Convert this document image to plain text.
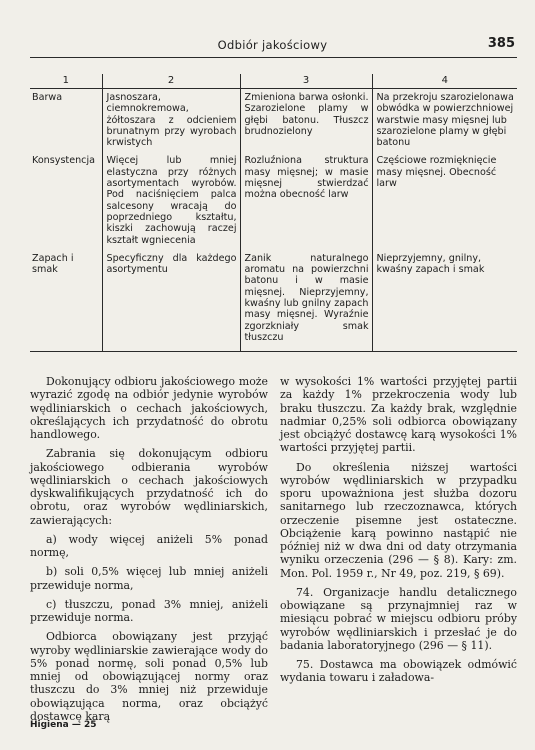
Odbiór jakościowy	385
1	2	3	4
Barwa	Jasnoszara, ciemnokremowa, żółtoszara z odcieniem brunatnym przy wyrobach krwistych	Zmieniona barwa osłonki. Szarozielone plamy w głębi batonu. Tłuszcz brudnozielony	Na przekroju szarozielonawa obwódka w powierzchniowej warstwie masy mięsnej lub szarozielone plamy w głębi batonu
Konsystencja	Więcej lub mniej elastyczna przy różnych asortymentach wyrobów. Pod naciśnięciem palca salcesony wracają do poprzedniego kształtu, kiszki zachowują raczej kształt wgniecenia	Rozluźniona struktura masy mięsnej; w masie mięsnej stwierdzać można obecność larw	Częściowe rozmięknięcie masy mięsnej. Obecność larw
Zapach i smak	Specyficzny dla każdego asortymentu	Zanik naturalnego aromatu na powierzchni batonu i w masie mięsnej. Nieprzyjemny, kwaśny lub gnilny zapach masy mięsnej. Wyraźnie zgorzkniały smak tłuszczu	Nieprzyjemny, gnilny, kwaśny zapach i smak

Dokonujący odbioru jakościowego może wyrazić zgodę na odbiór jedynie wyrobów wędliniarskich o cechach jakościowych, określających ich przydatność do obrotu handlowego.

Zabrania się dokonującym odbioru jakościowego odbierania wyrobów wędliniarskich o cechach jakościowych dyskwalifikujących przydatność ich do obrotu, oraz wyrobów wędliniarskich, zawierających:

a) wody więcej aniżeli 5% ponad normę,

b) soli 0,5% więcej lub mniej aniżeli przewiduje norma,

c) tłuszczu, ponad 3% mniej, aniżeli przewiduje norma.

Odbiorca obowiązany jest przyjąć wyroby wędliniarskie zawierające wody do 5% ponad normę, soli ponad 0,5% lub mniej od obowiązującej normy oraz tłuszczu do 3% mniej niż przewiduje obowiązująca norma, oraz obciążyć dostawcę karą

w wysokości 1% wartości przyjętej partii za każdy 1% przekroczenia wody lub braku tłuszczu. Za każdy brak, względnie nadmiar 0,25% soli odbiorca obowiązany jest obciążyć dostawcę karą wysokości 1% wartości przyjętej partii.

Do określenia niższej wartości wyrobów wędliniarskich w przypadku sporu upoważniona jest służba dozoru sanitarnego lub rzeczoznawca, których orzeczenie pisemne jest ostateczne. Obciążenie karą powinno nastąpić nie później niż w dwa dni od daty otrzymania wyniku orzeczenia (296 — § 8). Kary: zm. Mon. Pol. 1959 r., Nr 49, poz. 219, § 69).

74. Organizacje handlu detalicznego obowiązane są przynajmniej raz w miesiącu pobrać w miejscu odbioru próby wyrobów wędliniarskich i przesłać je do badania laboratoryjnego (296 — § 11).

75. Dostawca ma obowiązek odmówić wydania towaru i załadowa-

Higiena — 25
